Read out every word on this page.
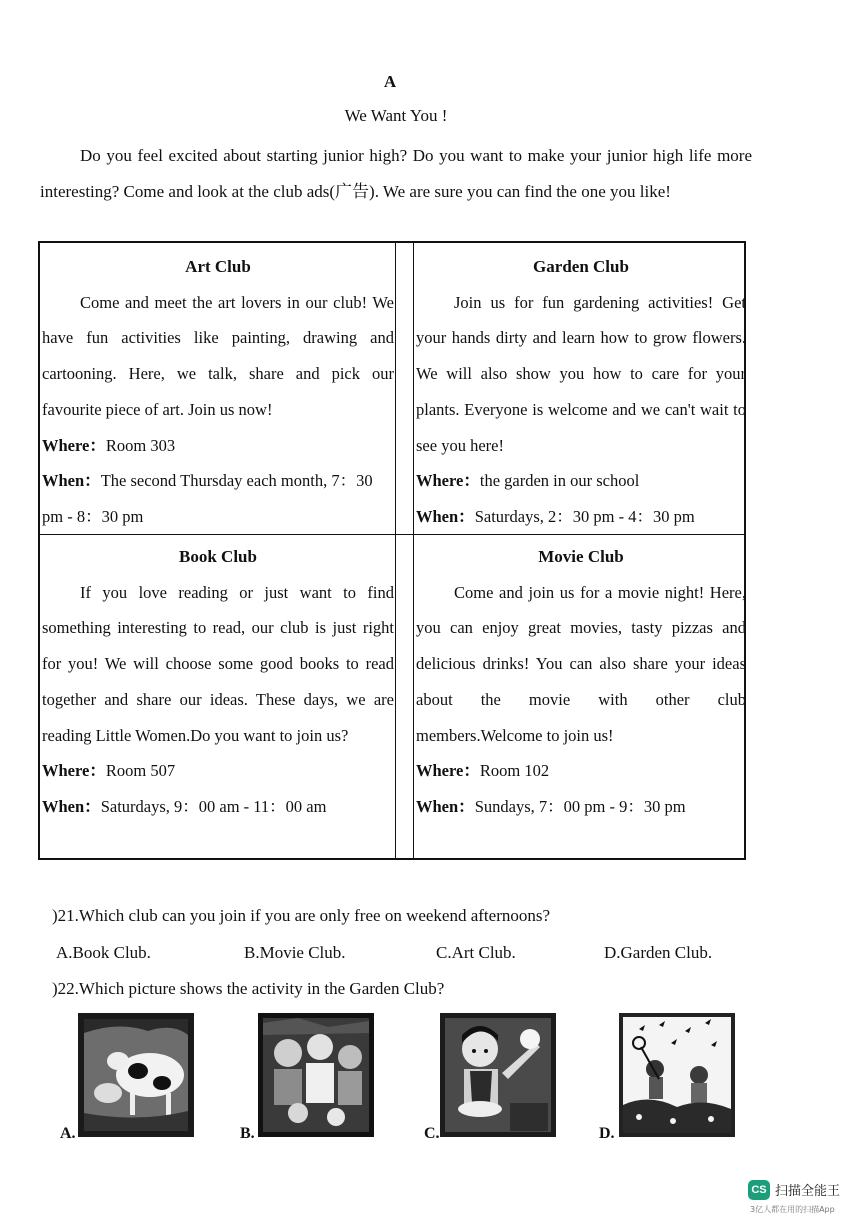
A
We Want You !
Do you feel excited about starting junior high? Do you want to make your junior high life more interesting? Come and look at the club ads(广告). We are sure you can find the one you like!
Art Club
Come and meet the art lovers in our club! We have fun activities like painting, drawing and cartooning. Here, we talk, share and pick our favourite piece of art. Join us now!
Where：Room 303
When：The second Thursday each month, 7：30 pm - 8：30 pm
Garden Club
Join us for fun gardening activities! Get your hands dirty and learn how to grow flowers. We will also show you how to care for your plants. Everyone is welcome and we can't wait to see you here!
Where：the garden in our school
When：Saturdays, 2：30 pm - 4：30 pm
Book Club
If you love reading or just want to find something interesting to read, our club is just right for you! We will choose some good books to read together and share our ideas. These days, we are reading Little Women.Do you want to join us?
Where：Room 507
When：Saturdays, 9：00 am - 11：00 am
Movie Club
Come and join us for a movie night! Here, you can enjoy great movies, tasty pizzas and delicious drinks! You can also share your ideas about the movie with other club members.Welcome to join us!
Where：Room 102
When：Sundays, 7：00 pm - 9：30 pm
)21.Which club can you join if you are only free on weekend afternoons?
A.Book Club.	B.Movie Club.	C.Art Club.	D.Garden Club.
)22.Which picture shows the activity in the Garden Club?
A.	B.	C.	D.
CS 扫描全能王
3亿人都在用的扫描App
